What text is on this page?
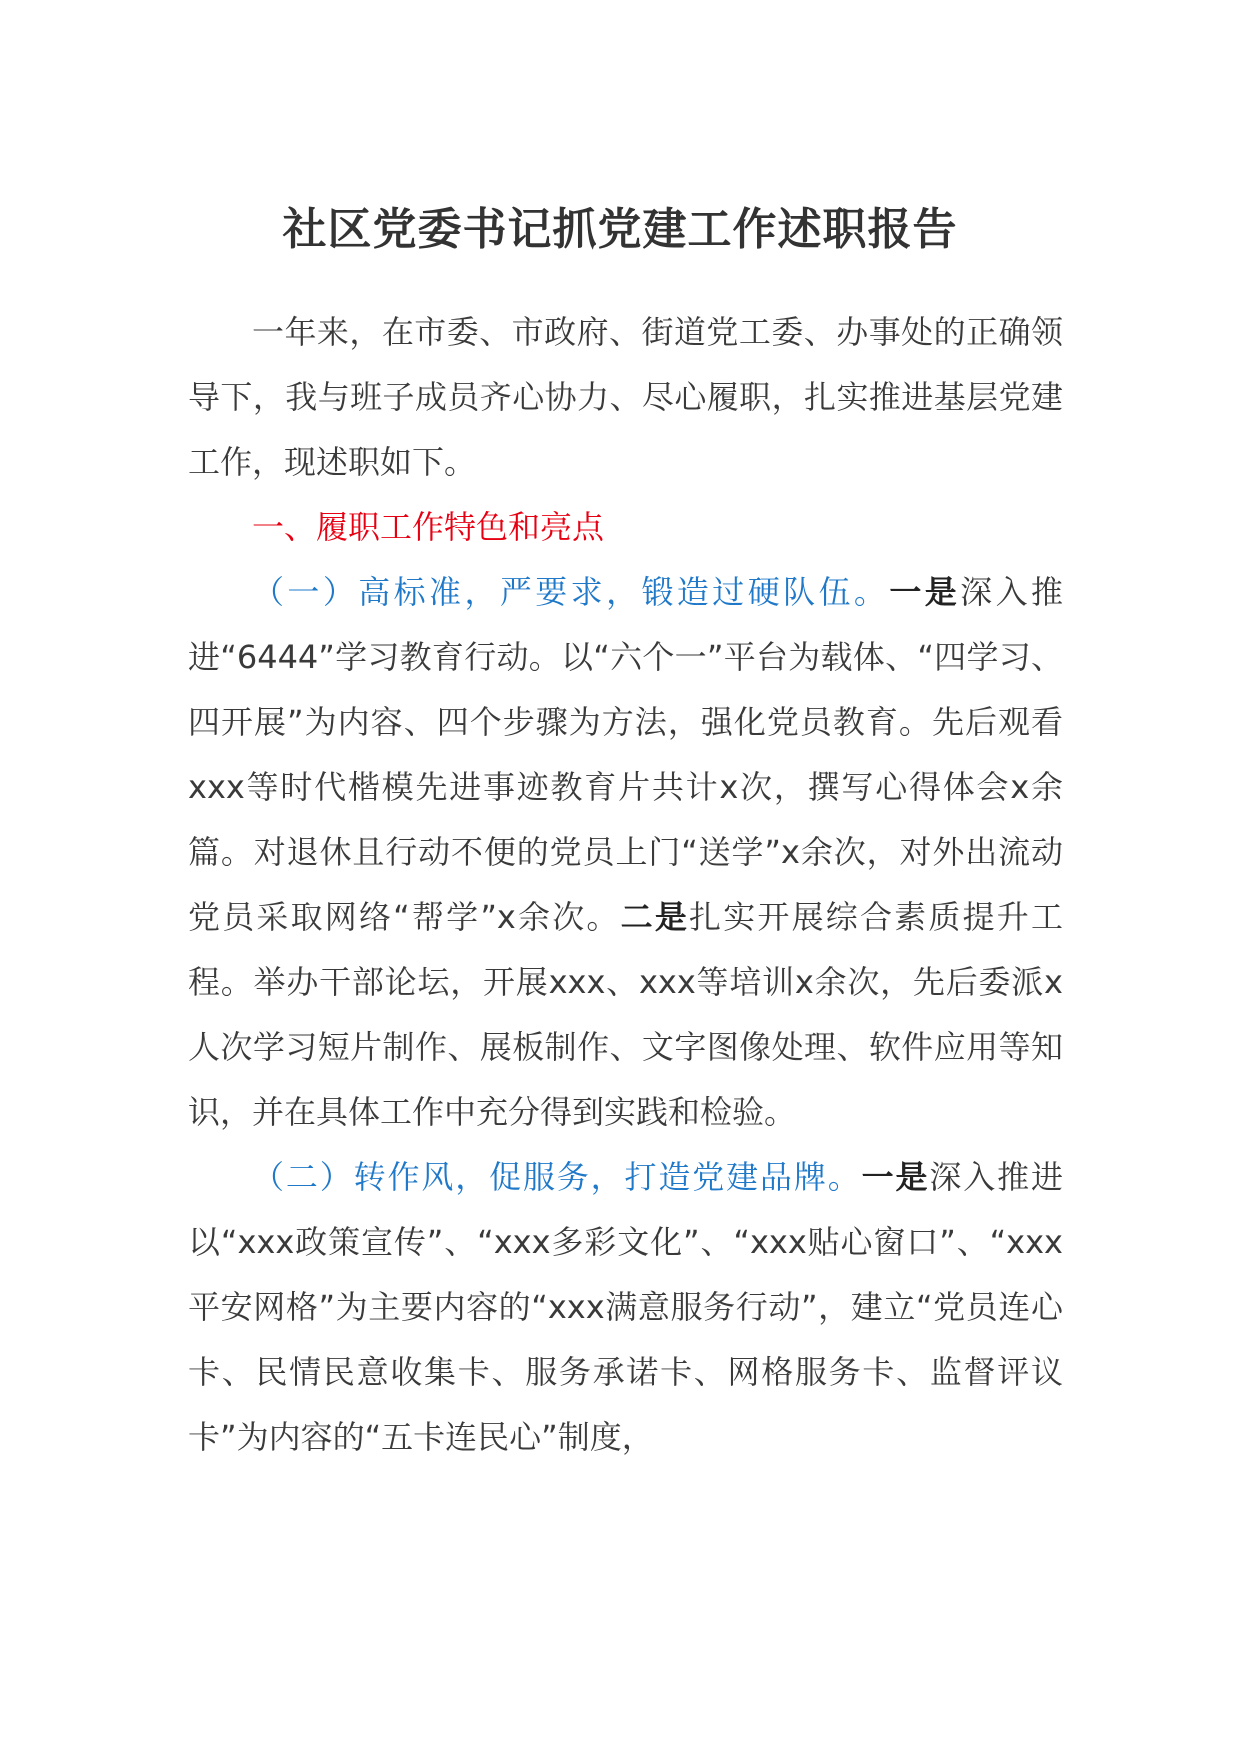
社区党委书记抓党建工作述职报告

一年来，在市委、市政府、街道党工委、办事处的正确领导下，我与班子成员齐心协力、尽心履职，扎实推进基层党建工作，现述职如下。

一、履职工作特色和亮点

（一）高标准，严要求，锻造过硬队伍。一是深入推进“6444”学习教育行动。以“六个一”平台为载体、“四学习、四开展”为内容、四个步骤为方法，强化党员教育。先后观看xxx等时代楷模先进事迹教育片共计x次，撰写心得体会x余篇。对退休且行动不便的党员上门“送学”x余次，对外出流动党员采取网络“帮学”x余次。二是扎实开展综合素质提升工程。举办干部论坛，开展xxx、xxx等培训x余次，先后委派x人次学习短片制作、展板制作、文字图像处理、软件应用等知识，并在具体工作中充分得到实践和检验。

（二）转作风，促服务，打造党建品牌。一是深入推进以“xxx政策宣传”、“xxx多彩文化”、“xxx贴心窗口”、“xxx平安网格”为主要内容的“xxx满意服务行动”，建立“党员连心卡、民情民意收集卡、服务承诺卡、网格服务卡、监督评议卡”为内容的“五卡连民心”制度，
